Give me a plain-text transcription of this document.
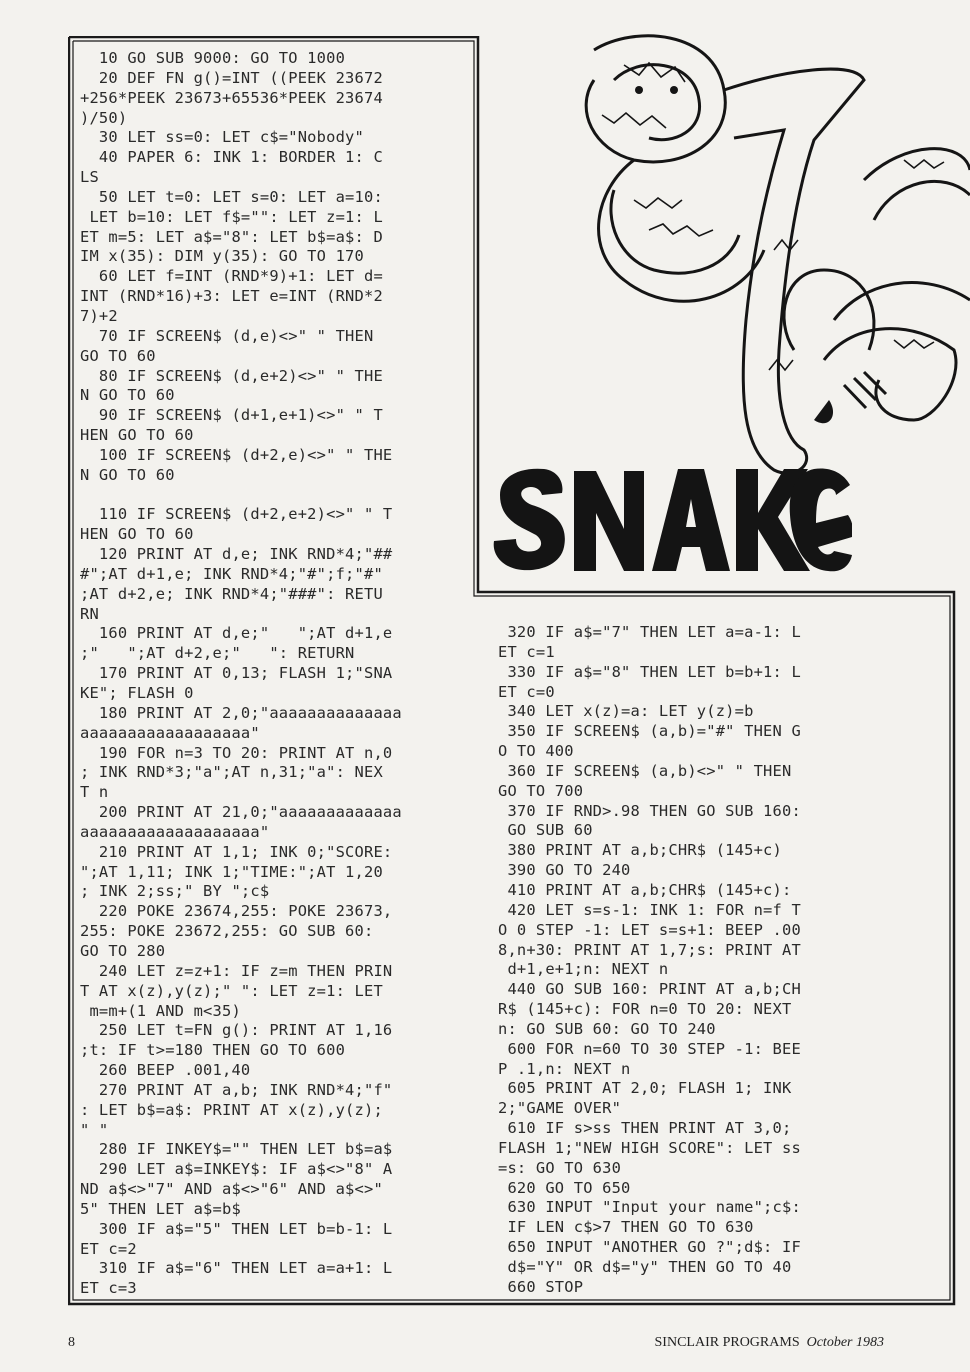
10 GO SUB 9000: GO TO 1000
20 DEF FN g()=INT ((PEEK 23672
+256*PEEK 23673+65536*PEEK 23674
)/50)
30 LET ss=0: LET c$="Nobody"
40 PAPER 6: INK 1: BORDER 1: C
LS
50 LET t=0: LET s=0: LET a=10:
LET b=10: LET f$="": LET z=1: L
ET m=5: LET a$="8": LET b$=a$: D
IM x(35): DIM y(35): GO TO 170
60 LET f=INT (RND*9)+1: LET d=
INT (RND*16)+3: LET e=INT (RND*2
7)+2
70 IF SCREEN$ (d,e)<>" " THEN
GO TO 60
80 IF SCREEN$ (d,e+2)<>" " THE
N GO TO 60
90 IF SCREEN$ (d+1,e+1)<>" " T
HEN GO TO 60
100 IF SCREEN$ (d+2,e)<>" " THE
N GO TO 60
110 IF SCREEN$ (d+2,e+2)<>" " T
HEN GO TO 60
120 PRINT AT d,e; INK RND*4;"##
#";AT d+1,e; INK RND*4;"#";f;"#"
;AT d+2,e; INK RND*4;"###": RETU
RN
160 PRINT AT d,e;"   ";AT d+1,e
;"   ";AT d+2,e;"   ": RETURN
170 PRINT AT 0,13; FLASH 1;"SNA
KE"; FLASH 0
180 PRINT AT 2,0;"aaaaaaaaaaaaaa
aaaaaaaaaaaaaaaaaa"
190 FOR n=3 TO 20: PRINT AT n,0
; INK RND*3;"a";AT n,31;"a": NEX
T n
200 PRINT AT 21,0;"aaaaaaaaaaaaa
aaaaaaaaaaaaaaaaaaa"
210 PRINT AT 1,1; INK 0;"SCORE:
";AT 1,11; INK 1;"TIME:";AT 1,20
; INK 2;ss;" BY ";c$
220 POKE 23674,255: POKE 23673,
255: POKE 23672,255: GO SUB 60:
GO TO 280
240 LET z=z+1: IF z=m THEN PRIN
T AT x(z),y(z);" ": LET z=1: LET
m=m+(1 AND m<35)
250 LET t=FN g(): PRINT AT 1,16
;t: IF t>=180 THEN GO TO 600
260 BEEP .001,40
270 PRINT AT a,b; INK RND*4;"f"
: LET b$=a$: PRINT AT x(z),y(z);
" "
280 IF INKEY$="" THEN LET b$=a$
290 LET a$=INKEY$: IF a$<>"8" A
ND a$<>"7" AND a$<>"6" AND a$<>"
5" THEN LET a$=b$
300 IF a$="5" THEN LET b=b-1: L
ET c=2
310 IF a$="6" THEN LET a=a+1: L
ET c=3
320 IF a$="7" THEN LET a=a-1: L
ET c=1
330 IF a$="8" THEN LET b=b+1: L
ET c=0
340 LET x(z)=a: LET y(z)=b
350 IF SCREEN$ (a,b)="#" THEN G
O TO 400
360 IF SCREEN$ (a,b)<>" " THEN
GO TO 700
370 IF RND>.98 THEN GO SUB 160:
GO SUB 60
380 PRINT AT a,b;CHR$ (145+c)
390 GO TO 240
410 PRINT AT a,b;CHR$ (145+c):
420 LET s=s-1: INK 1: FOR n=f T
O 0 STEP -1: LET s=s+1: BEEP .00
8,n+30: PRINT AT 1,7;s: PRINT AT
d+1,e+1;n: NEXT n
440 GO SUB 160: PRINT AT a,b;CH
R$ (145+c): FOR n=0 TO 20: NEXT
n: GO SUB 60: GO TO 240
600 FOR n=60 TO 30 STEP -1: BEE
P .1,n: NEXT n
605 PRINT AT 2,0; FLASH 1; INK
2;"GAME OVER"
610 IF s>ss THEN PRINT AT 3,0;
FLASH 1;"NEW HIGH SCORE": LET ss
=s: GO TO 630
620 GO TO 650
630 INPUT "Input your name";c$:
IF LEN c$>7 THEN GO TO 630
650 INPUT "ANOTHER GO ?";d$: IF
d$="Y" OR d$="y" THEN GO TO 40
660 STOP
8	SINCLAIR PROGRAMS October 1983
